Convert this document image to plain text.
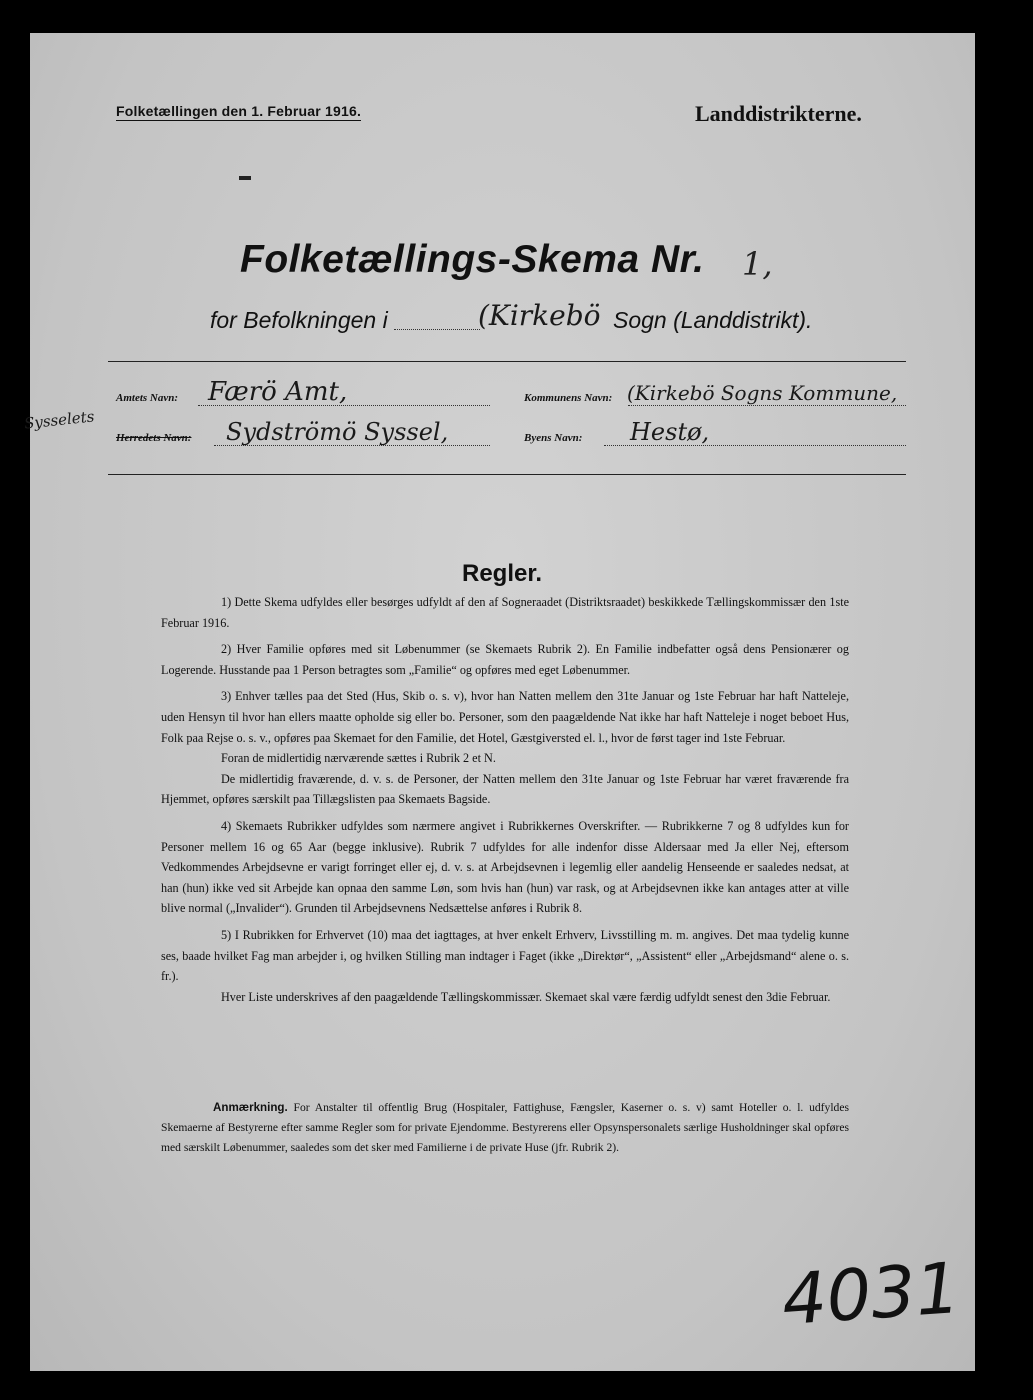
Folketællingen den 1. Februar 1916.	Landdistrikterne.
Folketællings-Skema Nr. 1,
for Befolkningen i	(Kirkebö Sogn (Landdistrikt).
Amtets Navn: Færö Amt,	Kommunens Navn: (Kirkebö Sogns Kommune,
Sysselets
Herredets Navn: Sydströmö Syssel,	Byens Navn: Hestø,
Regler.

1) Dette Skema udfyldes eller besørges udfyldt af den af Sogneraadet (Distriktsraadet) beskikkede Tællingskommissær den 1ste Februar 1916.

2) Hver Familie opføres med sit Løbenummer (se Skemaets Rubrik 2). En Familie indbefatter også dens Pensionærer og Logerende. Husstande paa 1 Person betragtes som „Familie“ og opføres med eget Løbenummer.

3) Enhver tælles paa det Sted (Hus, Skib o. s. v), hvor han Natten mellem den 31te Januar og 1ste Februar har haft Natteleje, uden Hensyn til hvor han ellers maatte opholde sig eller bo. Personer, som den paagældende Nat ikke har haft Natteleje i noget beboet Hus, Folk paa Rejse o. s. v., opføres paa Skemaet for den Familie, det Hotel, Gæstgiversted el. l., hvor de først tager ind 1ste Februar.

Foran de midlertidig nærværende sættes i Rubrik 2 et N.

De midlertidig fraværende, d. v. s. de Personer, der Natten mellem den 31te Januar og 1ste Februar har været fraværende fra Hjemmet, opføres særskilt paa Tillægslisten paa Skemaets Bagside.

4) Skemaets Rubrikker udfyldes som nærmere angivet i Rubrikkernes Overskrifter. — Rubrikkerne 7 og 8 udfyldes kun for Personer mellem 16 og 65 Aar (begge inklusive). Rubrik 7 udfyldes for alle indenfor disse Aldersaar med Ja eller Nej, eftersom Vedkommendes Arbejdsevne er varigt forringet eller ej, d. v. s. at Arbejdsevnen i legemlig eller aandelig Henseende er saaledes nedsat, at han (hun) ikke ved sit Arbejde kan opnaa den samme Løn, som hvis han (hun) var rask, og at Arbejdsevnen ikke kan antages atter at ville blive normal („Invalider“). Grunden til Arbejdsevnens Nedsættelse anføres i Rubrik 8.

5) I Rubrikken for Erhvervet (10) maa det iagttages, at hver enkelt Erhverv, Livsstilling m. m. angives. Det maa tydelig kunne ses, baade hvilket Fag man arbejder i, og hvilken Stilling man indtager i Faget (ikke „Direktør“, „Assistent“ eller „Arbejdsmand“ alene o. s. fr.).

Hver Liste underskrives af den paagældende Tællingskommissær. Skemaet skal være færdig udfyldt senest den 3die Februar.

Anmærkning. For Anstalter til offentlig Brug (Hospitaler, Fattighuse, Fængsler, Kaserner o. s. v) samt Hoteller o. l. udfyldes Skemaerne af Bestyrerne efter samme Regler som for private Ejendomme. Bestyrerens eller Opsynspersonalets særlige Husholdninger skal opføres med særskilt Løbenummer, saaledes som det sker med Familierne i de private Huse (jfr. Rubrik 2).
4031
